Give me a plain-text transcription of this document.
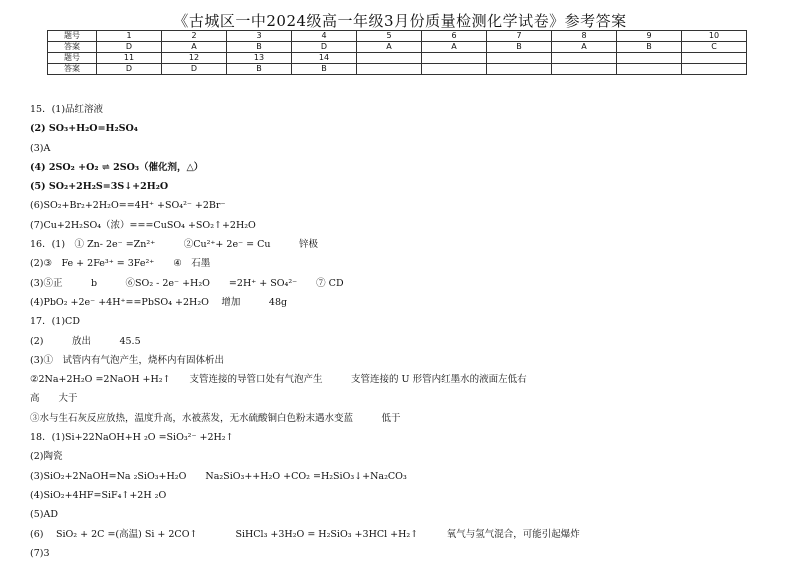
《古城区一中2024级高一年级3月份质量检测化学试卷》参考答案
题号	1	2	3	4	5	6	7	8	9	10
答案	D	A	B	D	A	A	B	A	B	C
题号	11	12	13	14						
答案	D	D	B	B						
15．(1)品红溶液
(2) SO₃+H₂O=H₂SO₄
(3)A
(4) 2SO₂ +O₂ ⇌ 2SO₃（催化剂，△）
(5) SO₂+2H₂S=3S↓+2H₂O
(6)SO₂+Br₂+2H₂O==4H⁺ +SO₄²⁻ +2Br⁻
(7)Cu+2H₂SO₄（浓）===CuSO₄ +SO₂↑+2H₂O
16．(1)　① Zn- 2e⁻ =Zn²⁺　　　②Cu²⁺+ 2e⁻ = Cu　　　锌极
(2)③　Fe + 2Fe³⁺ = 3Fe²⁺　　④　石墨
(3)⑤正　　　b　　　⑥SO₂ - 2e⁻ +H₂O　　=2H⁺ + SO₄²⁻　　⑦ CD
(4)PbO₂ +2e⁻ +4H⁺==PbSO₄ +2H₂O　 增加　　　48g
17．(1)CD
(2)　　　放出　　　45.5
(3)①　试管内有气泡产生，烧杯内有固体析出
②2Na+2H₂O =2NaOH +H₂↑　　支管连接的导管口处有气泡产生　　　支管连接的 U 形管内红墨水的液面左低右
高　　大于
③水与生石灰反应放热，温度升高，水被蒸发，无水硫酸铜白色粉末遇水变蓝　　　低于
18．(1)Si+22NaOH+H ₂O =SiO₃²⁻ +2H₂↑
(2)陶瓷
(3)SiO₂+2NaOH=Na ₂SiO₃+H₂O　　Na₂SiO₃++H₂O +CO₂ =H₂SiO₃↓+Na₂CO₃
(4)SiO₂+4HF=SiF₄↑+2H ₂O
(5)AD
(6)　 SiO₂ + 2C =(高温) Si + 2CO↑　　　　SiHCl₃ +3H₂O = H₂SiO₃ +3HCl +H₂↑　　　氧气与氢气混合，可能引起爆炸
(7)3
